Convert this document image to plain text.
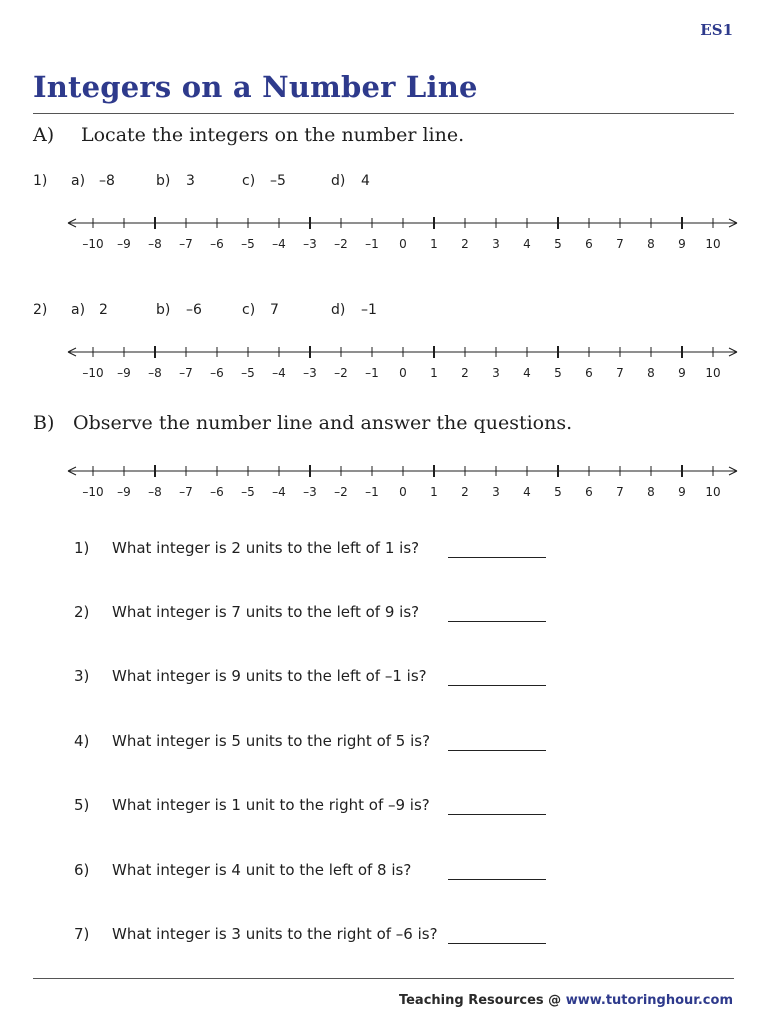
ES1
Integers on a Number Line
A) Locate the integers on the number line.
1) a) –8	b) 3	c) –5	d) 4
–10 –9 –8 –7 –6 –5 –4 –3 –2 –1 0 1 2 3 4 5 6 7 8 9 10
2) a) 2	b) –6	c) 7	d) –1
–10 –9 –8 –7 –6 –5 –4 –3 –2 –1 0 1 2 3 4 5 6 7 8 9 10
B) Observe the number line and answer the questions.
–10 –9 –8 –7 –6 –5 –4 –3 –2 –1 0 1 2 3 4 5 6 7 8 9 10
1) What integer is 2 units to the left of 1 is?
2) What integer is 7 units to the left of 9 is?
3) What integer is 9 units to the left of –1 is?
4) What integer is 5 units to the right of 5 is?
5) What integer is 1 unit to the right of –9 is?
6) What integer is 4 unit to the left of 8 is?
7) What integer is 3 units to the right of –6 is?
Teaching Resources @ www.tutoringhour.com
